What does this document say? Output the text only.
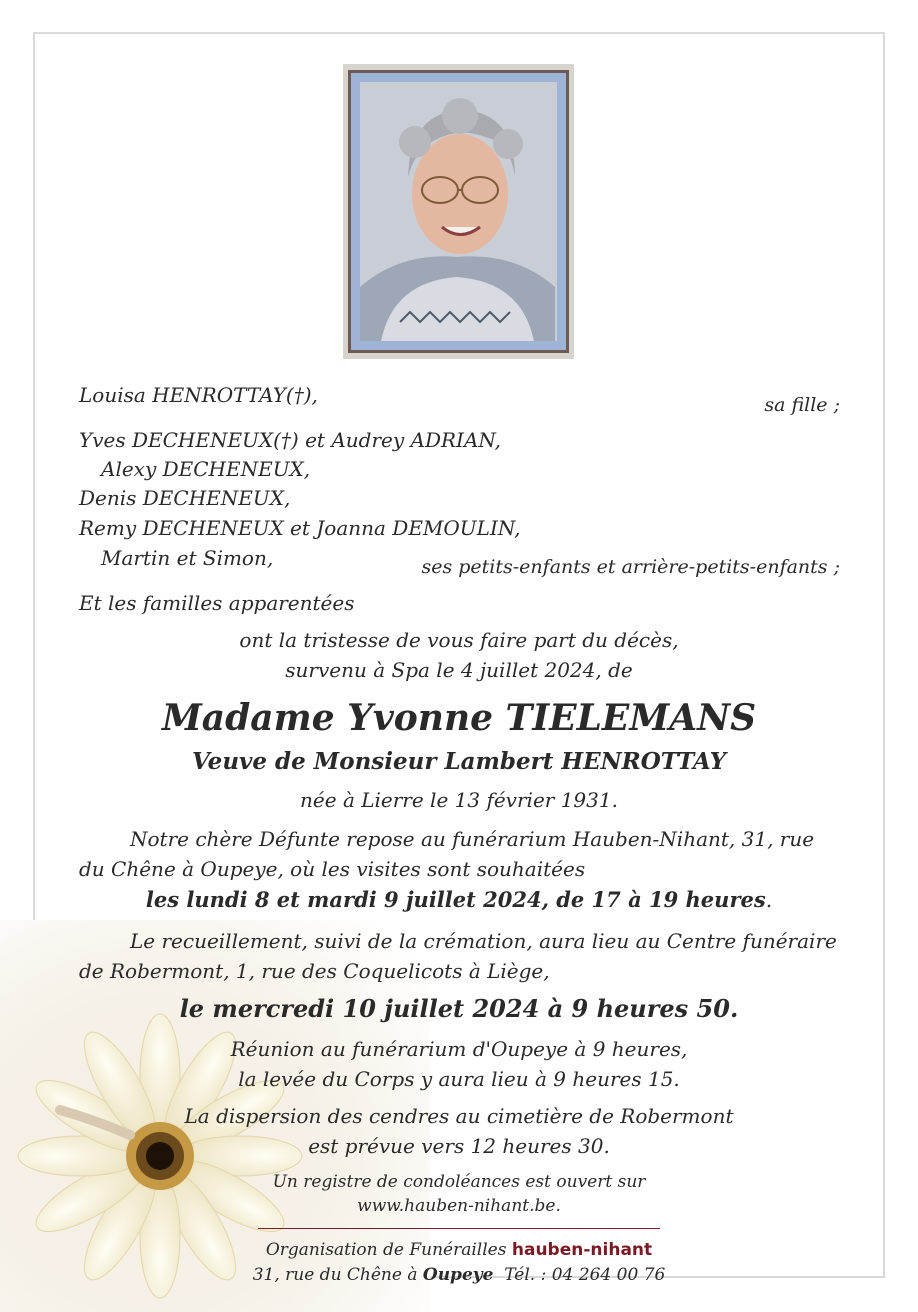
Louisa HENROTTAY(†),	sa fille ;
Yves DECHENEUX(†) et Audrey ADRIAN,
Alexy DECHENEUX,
Denis DECHENEUX,
Remy DECHENEUX et Joanna DEMOULIN,
Martin et Simon,	ses petits-enfants et arrière-petits-enfants ;
Et les familles apparentées
ont la tristesse de vous faire part du décès,
survenu à Spa le 4 juillet 2024, de
Madame Yvonne TIELEMANS
Veuve de Monsieur Lambert HENROTTAY
née à Lierre le 13 février 1931.
Notre chère Défunte repose au funérarium Hauben-Nihant, 31, rue
du Chêne à Oupeye, où les visites sont souhaitées
les lundi 8 et mardi 9 juillet 2024, de 17 à 19 heures.
Le recueillement, suivi de la crémation, aura lieu au Centre funéraire
de Robermont, 1, rue des Coquelicots à Liège,
le mercredi 10 juillet 2024 à 9 heures 50.
Réunion au funérarium d'Oupeye à 9 heures,
la levée du Corps y aura lieu à 9 heures 15.
La dispersion des cendres au cimetière de Robermont
est prévue vers 12 heures 30.
Un registre de condoléances est ouvert sur
www.hauben-nihant.be.
Organisation de Funérailles hauben-nihant
31, rue du Chêne à Oupeye Tél. : 04 264 00 76
